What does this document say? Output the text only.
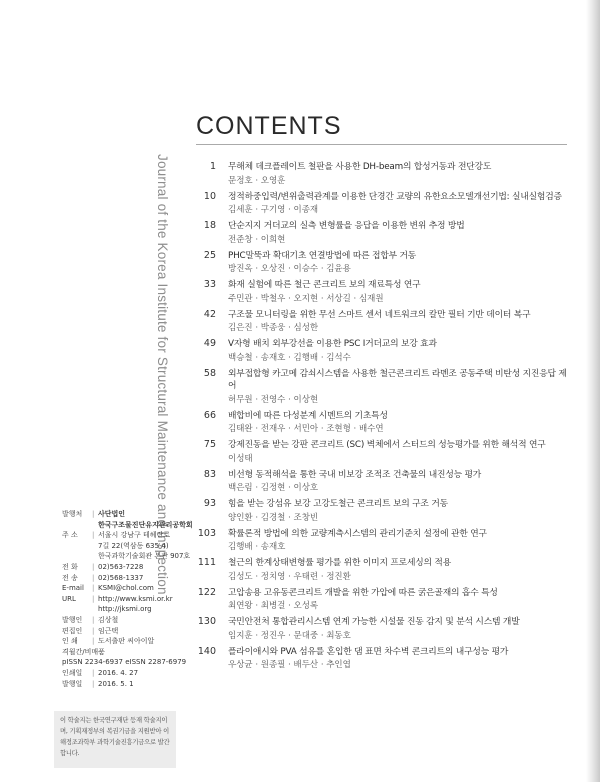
CONTENTS
Journal of the Korea Institute for Structural Maintenance and Inspection	1	무해체 데크플레이트 철판을 사용한 DH-beam의 합성거동과 전단강도
문정호 · 오영훈
10	정적하중입력/변위출력관계를 이용한 단경간 교량의 유한요소모델개선기법: 실내실험검증
김세훈 · 구기영 · 이종재
18	단순지지 거더교의 실측 변형률을 응답을 이용한 변위 추정 방법
전준창 · 이희현
25	PHC말뚝과 확대기초 연결방법에 따른 접합부 거동
방진옥 · 오상진 · 이승수 · 김윤용
33	화재 실험에 따른 철근 콘크리트 보의 재료특성 연구
주민관 · 박철우 · 오지현 · 서상길 · 심재원
42	구조물 모니터링을 위한 무선 스마트 센서 네트워크의 칼만 필터 기반 데이터 복구
김은진 · 박종웅 · 심성한
49	V자형 배치 외부강선을 이용한 PSC I거더교의 보강 효과
백승철 · 송재호 · 김행배 · 김석수
58	외부접합형 카고메 감쇠시스템을 사용한 철근콘크리트 라멘조 공동주택 비탄성 지진응답 제어
허무원 · 전영수 · 이상현
66	배합비에 따른 다성분계 시멘트의 기초특성
김태완 · 전재우 · 서민아 · 조현형 · 배수연
75	강제진동을 받는 강판 콘크리트 (SC) 벽체에서 스터드의 성능평가를 위한 해석적 연구
이성태
83	비선형 동적해석을 통한 국내 비보강 조적조 건축물의 내진성능 평가
백은림 · 김정현 · 이상호
93	힘을 받는 강섬유 보강 고강도철근 콘크리트 보의 구조 거동
양인환 · 김경철 · 조창빈
103	확률론적 방법에 의한 교량계측시스템의 관리기준치 설정에 관한 연구
김행배 · 송재호
111	철근의 한계상태변형률 평가를 위한 이미지 프로세싱의 적용
김성도 · 정치영 · 우태련 · 정진환
122	고압송용 고유동콘크리트 개발을 위한 가압에 따른 굵은골재의 흡수 특성
최연왕 · 최병걸 · 오성록
130	국민안전처 통합관리시스템 연계 가능한 시설물 진동 감지 및 분석 시스템 개발
임지훈 · 정진우 · 문대중 · 최동호
140	플라이애시와 PVA 섬유를 혼입한 댐 표면 차수벽 콘크리트의 내구성능 평가
우상균 · 원종필 · 배두산 · 추인엽
발행처	| 사단법인
한국구조물진단유지관리공학회
주 소	| 서울시 강남구 테헤란로
7길 22(역삼동 635-4)
한국과학기술회관 본관 907호
전 화	| 02)563-7228
전 송	| 02)568-1337
E-mail	| KSMI@chol.com
URL	| http://www.ksmi.or.kr
http://jksmi.org
발행인	| 김상철
편집인	| 임근택
인 쇄	| 도서출판 씨아이알
격월간/비매품
pISSN 2234-6937 eISSN 2287-6979
인쇄일	| 2016. 4. 27
발행일	| 2016. 5. 1
이 학술지는 한국연구재단 등재 학술지이며, 기획재정부의 복권기금을 지원받아 이해정조과학부 과학기술진흥기금으로 발간합니다.
